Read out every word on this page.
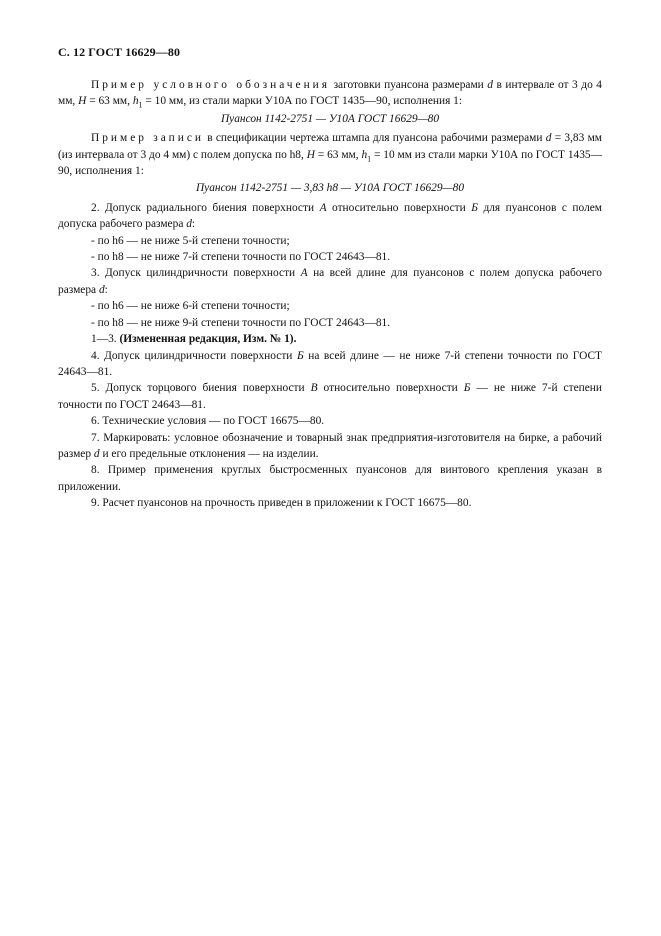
С. 12 ГОСТ 16629—80

Пример условного обозначения заготовки пуансона размерами d в интервале от 3 до 4 мм, H = 63 мм, $h_1 = 10$ мм, из стали марки У10А по ГОСТ 1435—90, исполнения 1:

Пуансон 1142-2751 — У10А ГОСТ 16629—80

Пример записи в спецификации чертежа штампа для пуансона рабочими размерами d = 3,83 мм (из интервала от 3 до 4 мм) с полем допуска по h8, H = 63 мм, $h_1 = 10$ мм из стали марки У10А по ГОСТ 1435—90, исполнения 1:

Пуансон 1142-2751 — 3,83 h8 — У10А ГОСТ 16629—80

2. Допуск радиального биения поверхности А относительно поверхности Б для пуансонов с полем допуска рабочего размера d:

- по h6 — не ниже 5-й степени точности;

- по h8 — не ниже 7-й степени точности по ГОСТ 24643—81.

3. Допуск цилиндричности поверхности А на всей длине для пуансонов с полем допуска рабочего размера d:

- по h6 — не ниже 6-й степени точности;

- по h8 — не ниже 9-й степени точности по ГОСТ 24643—81.

1—3. (Измененная редакция, Изм. № 1).

4. Допуск цилиндричности поверхности Б на всей длине — не ниже 7-й степени точности по ГОСТ 24643—81.

5. Допуск торцового биения поверхности В относительно поверхности Б — не ниже 7-й степени точности по ГОСТ 24643—81.

6. Технические условия — по ГОСТ 16675—80.

7. Маркировать: условное обозначение и товарный знак предприятия-изготовителя на бирке, а рабочий размер d и его предельные отклонения — на изделии.

8. Пример применения круглых быстросменных пуансонов для винтового крепления указан в приложении.

9. Расчет пуансонов на прочность приведен в приложении к ГОСТ 16675—80.
